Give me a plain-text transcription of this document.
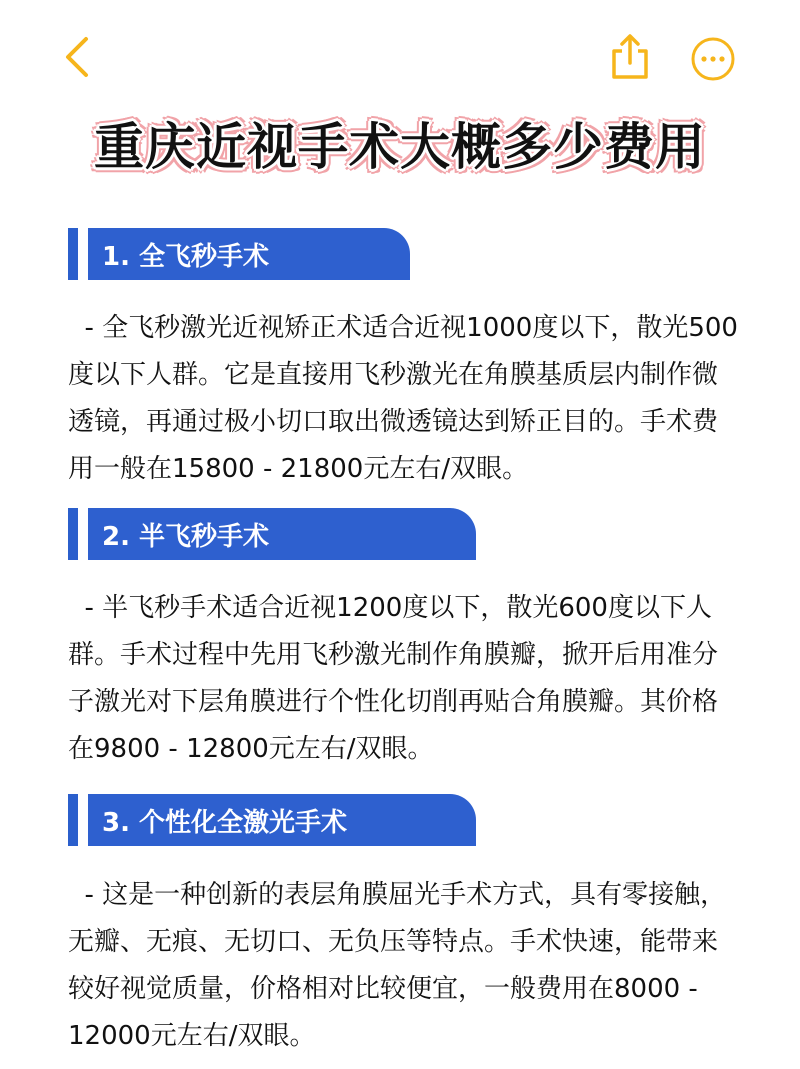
重庆近视手术大概多少费用
1. 全飞秒手术

- 全飞秒激光近视矫正术适合近视1000度以下，散光500度以下人群。它是直接用飞秒激光在角膜基质层内制作微透镜，再通过极小切口取出微透镜达到矫正目的。手术费用一般在15800 - 21800元左右/双眼。

2. 半飞秒手术

- 半飞秒手术适合近视1200度以下，散光600度以下人群。手术过程中先用飞秒激光制作角膜瓣，掀开后用准分子激光对下层角膜进行个性化切削再贴合角膜瓣。其价格在9800 - 12800元左右/双眼。

3. 个性化全激光手术

- 这是一种创新的表层角膜屈光手术方式，具有零接触，无瓣、无痕、无切口、无负压等特点。手术快速，能带来较好视觉质量，价格相对比较便宜，一般费用在8000 - 12000元左右/双眼。
